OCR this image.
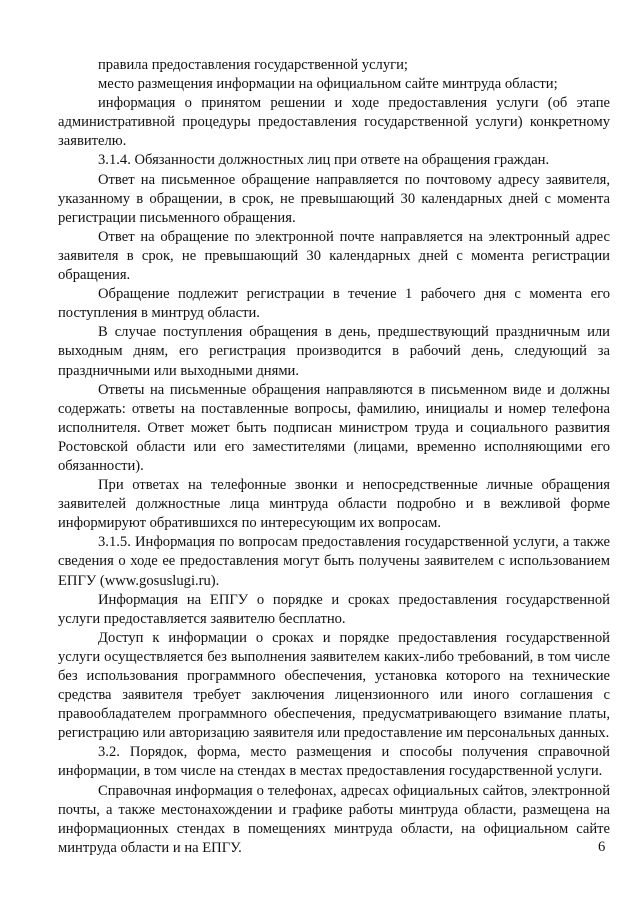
правила предоставления государственной услуги;

место размещения информации на официальном сайте минтруда области;

информация о принятом решении и ходе предоставления услуги (об этапе административной процедуры предоставления государственной услуги) конкретному заявителю.

3.1.4. Обязанности должностных лиц при ответе на обращения граждан.

Ответ на письменное обращение направляется по почтовому адресу заявителя, указанному в обращении, в срок, не превышающий 30 календарных дней с момента регистрации письменного обращения.

Ответ на обращение по электронной почте направляется на электронный адрес заявителя в срок, не превышающий 30 календарных дней с момента регистрации обращения.

Обращение подлежит регистрации в течение 1 рабочего дня с момента его поступления в минтруд области.

В случае поступления обращения в день, предшествующий праздничным или выходным дням, его регистрация производится в рабочий день, следующий за праздничными или выходными днями.

Ответы на письменные обращения направляются в письменном виде и должны содержать: ответы на поставленные вопросы, фамилию, инициалы и номер телефона исполнителя. Ответ может быть подписан министром труда и социального развития Ростовской области или его заместителями (лицами, временно исполняющими его обязанности).

При ответах на телефонные звонки и непосредственные личные обращения заявителей должностные лица минтруда области подробно и в вежливой форме информируют обратившихся по интересующим их вопросам.

3.1.5. Информация по вопросам предоставления государственной услуги, а также сведения о ходе ее предоставления могут быть получены заявителем с использованием ЕПГУ (www.gosuslugi.ru).

Информация на ЕПГУ о порядке и сроках предоставления государственной услуги предоставляется заявителю бесплатно.

Доступ к информации о сроках и порядке предоставления государственной услуги осуществляется без выполнения заявителем каких-либо требований, в том числе без использования программного обеспечения, установка которого на технические средства заявителя требует заключения лицензионного или иного соглашения с правообладателем программного обеспечения, предусматривающего взимание платы, регистрацию или авторизацию заявителя или предоставление им персональных данных.

3.2. Порядок, форма, место размещения и способы получения справочной информации, в том числе на стендах в местах предоставления государственной услуги.

Справочная информация о телефонах, адресах официальных сайтов, электронной почты, а также местонахождении и графике работы минтруда области, размещена на информационных стендах в помещениях минтруда области, на официальном сайте минтруда области и на ЕПГУ.	6
